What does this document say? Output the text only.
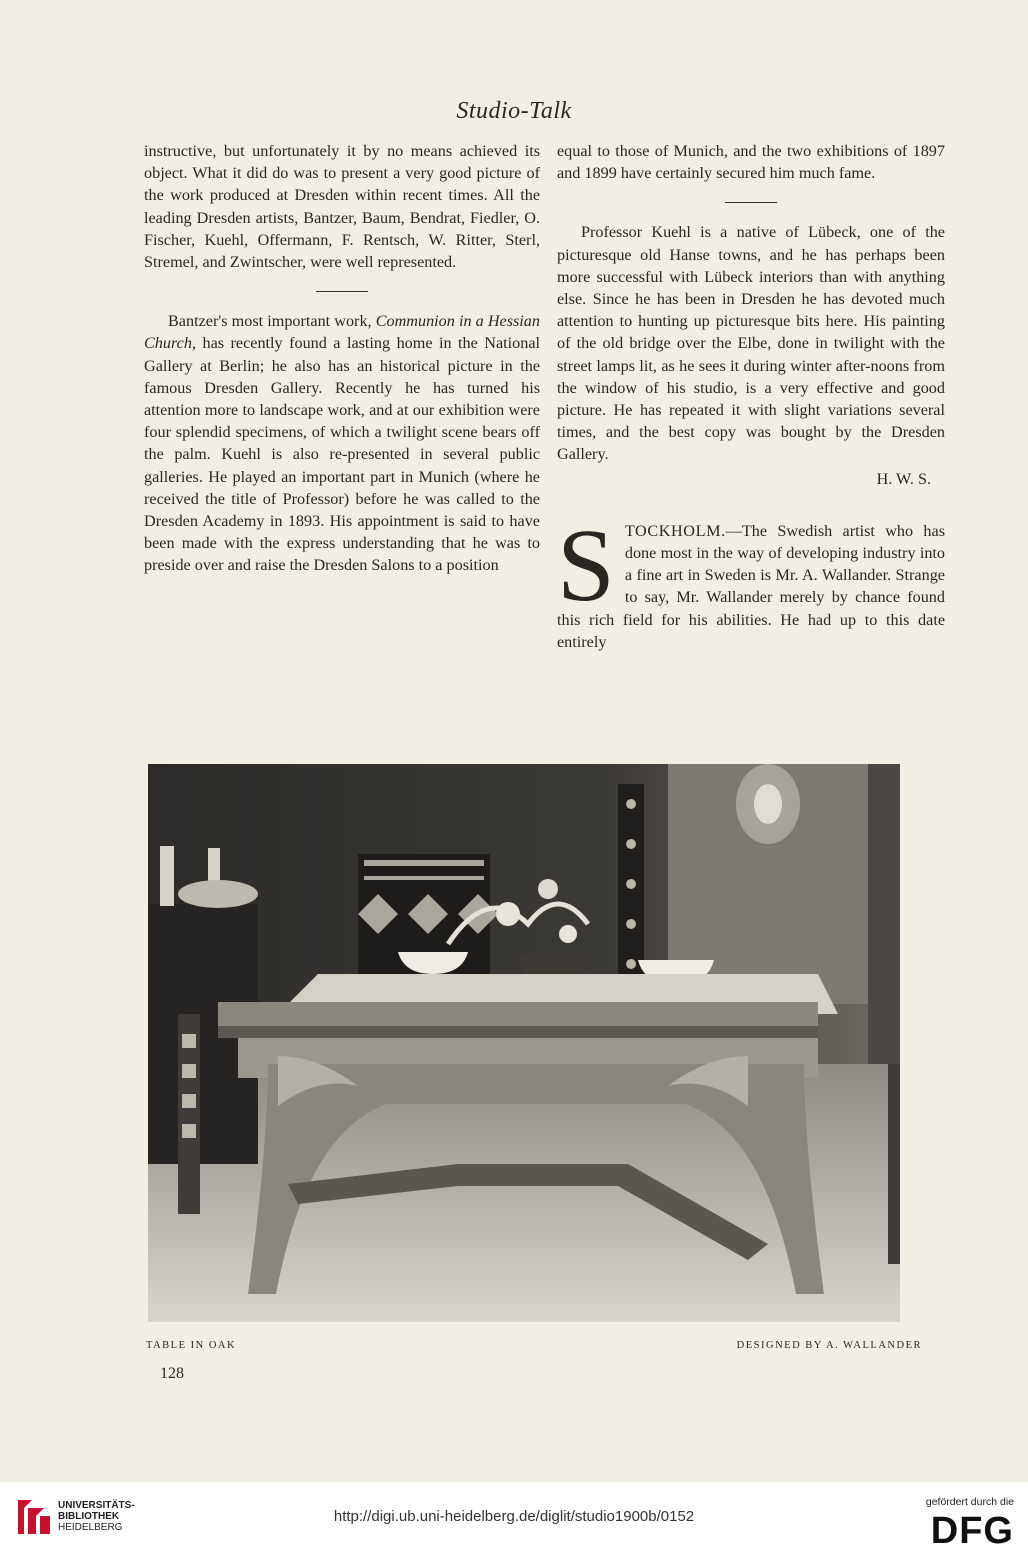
Studio-Talk

instructive, but unfortunately it by no means achieved its object. What it did do was to present a very good picture of the work produced at Dresden within recent times. All the leading Dresden artists, Bantzer, Baum, Bendrat, Fiedler, O. Fischer, Kuehl, Offermann, F. Rentsch, W. Ritter, Sterl, Stremel, and Zwintscher, were well represented.

Bantzer's most important work, Communion in a Hessian Church, has recently found a lasting home in the National Gallery at Berlin; he also has an historical picture in the famous Dresden Gallery. Recently he has turned his attention more to landscape work, and at our exhibition were four splendid specimens, of which a twilight scene bears off the palm. Kuehl is also re-presented in several public galleries. He played an important part in Munich (where he received the title of Professor) before he was called to the Dresden Academy in 1893. His appointment is said to have been made with the express understanding that he was to preside over and raise the Dresden Salons to a position

equal to those of Munich, and the two exhibitions of 1897 and 1899 have certainly secured him much fame.

Professor Kuehl is a native of Lübeck, one of the picturesque old Hanse towns, and he has perhaps been more successful with Lübeck interiors than with anything else. Since he has been in Dresden he has devoted much attention to hunting up picturesque bits here. His painting of the old bridge over the Elbe, done in twilight with the street lamps lit, as he sees it during winter after-noons from the window of his studio, is a very effective and good picture. He has repeated it with slight variations several times, and the best copy was bought by the Dresden Gallery.

H. W. S.

STOCKHOLM.—The Swedish artist who has done most in the way of developing industry into a fine art in Sweden is Mr. A. Wallander. Strange to say, Mr. Wallander merely by chance found this rich field for his abilities. He had up to this date entirely

TABLE IN OAK	DESIGNED BY A. WALLANDER
128
UNIVERSITÄTS-
BIBLIOTHEK
HEIDELBERG
http://digi.ub.uni-heidelberg.de/diglit/studio1900b/0152
gefördert durch die
DFG
